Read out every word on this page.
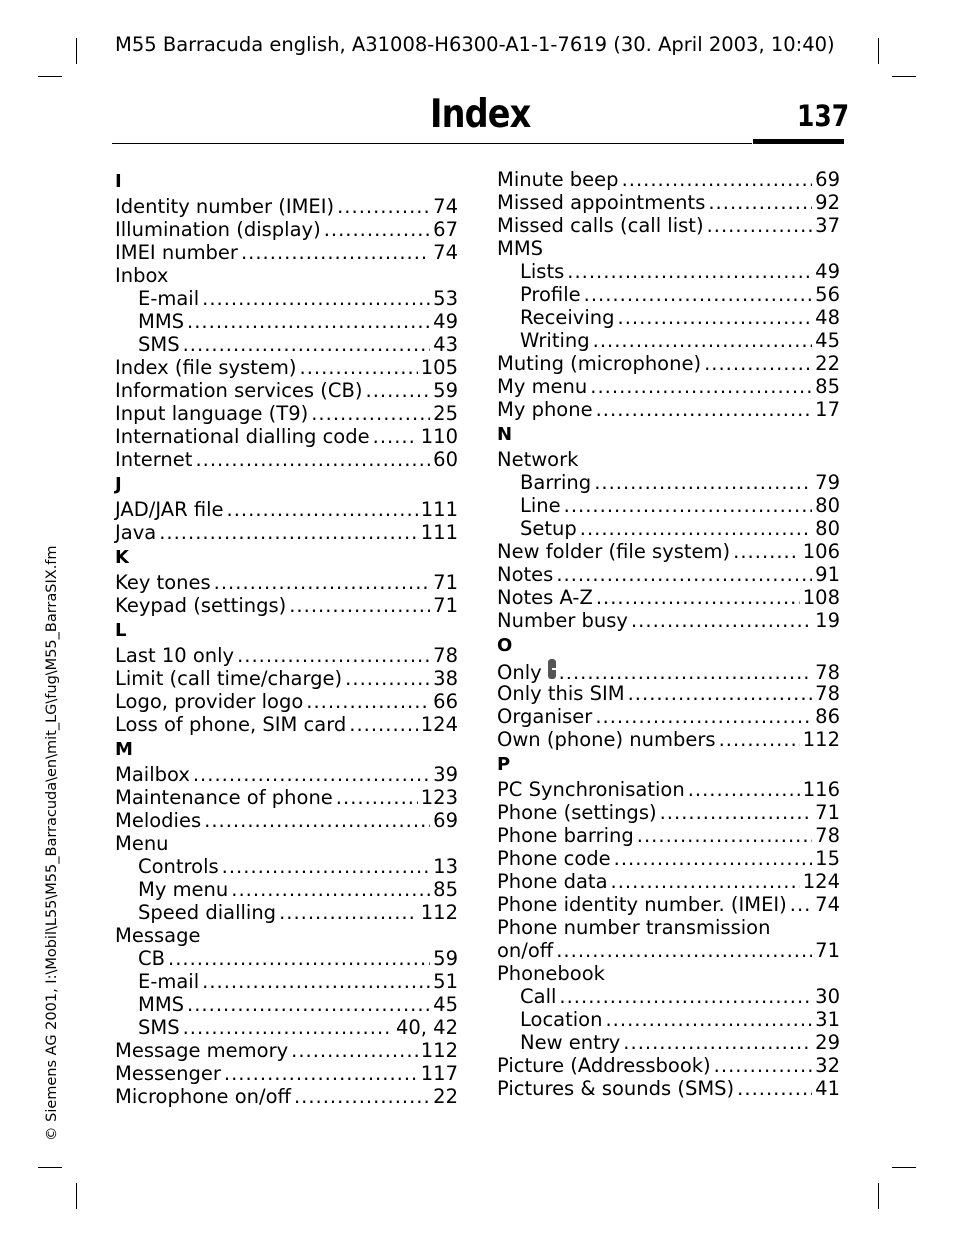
M55 Barracuda english, A31008-H6300-A1-1-7619 (30. April 2003, 10:40)
© Siemens AG 2001, I:\Mobil\L55\M55_Barracuda\en\mit_LG\fug\M55_BarraSIX.fm
Index	137
I
Identity number (IMEI) .....	74
Illumination (display) .....	67
IMEI number .....	74
Inbox
E-mail .....	53
MMS .....	49
SMS .....	43
Index (file system) .....	105
Information services (CB) .....	59
Input language (T9) .....	25
International dialling code .....	110
Internet .....	60
J
JAD/JAR file .....	111
Java .....	111
K
Key tones .....	71
Keypad (settings) .....	71
L
Last 10 only .....	78
Limit (call time/charge) .....	38
Logo, provider logo .....	66
Loss of phone, SIM card .....	124
M
Mailbox .....	39
Maintenance of phone .....	123
Melodies .....	69
Menu
Controls .....	13
My menu .....	85
Speed dialling .....	112
Message
CB .....	59
E-mail .....	51
MMS .....	45
SMS .....	40, 42
Message memory .....	112
Messenger .....	117
Microphone on/off .....	22
Minute beep .....	69
Missed appointments .....	92
Missed calls (call list) .....	37
MMS
Lists .....	49
Profile .....	56
Receiving .....	48
Writing .....	45
Muting (microphone) .....	22
My menu .....	85
My phone .....	17
N
Network
Barring .....	79
Line .....	80
Setup .....	80
New folder (file system) .....	106
Notes .....	91
Notes A-Z .....	108
Number busy .....	19
O
Only .....	78
Only this SIM .....	78
Organiser .....	86
Own (phone) numbers .....	112
P
PC Synchronisation .....	116
Phone (settings) .....	71
Phone barring .....	78
Phone code .....	15
Phone data .....	124
Phone identity number. (IMEI) ..... 74
Phone number transmission
on/off .....	71
Phonebook
Call .....	30
Location .....	31
New entry .....	29
Picture (Addressbook) .....	32
Pictures & sounds (SMS) .....	41
